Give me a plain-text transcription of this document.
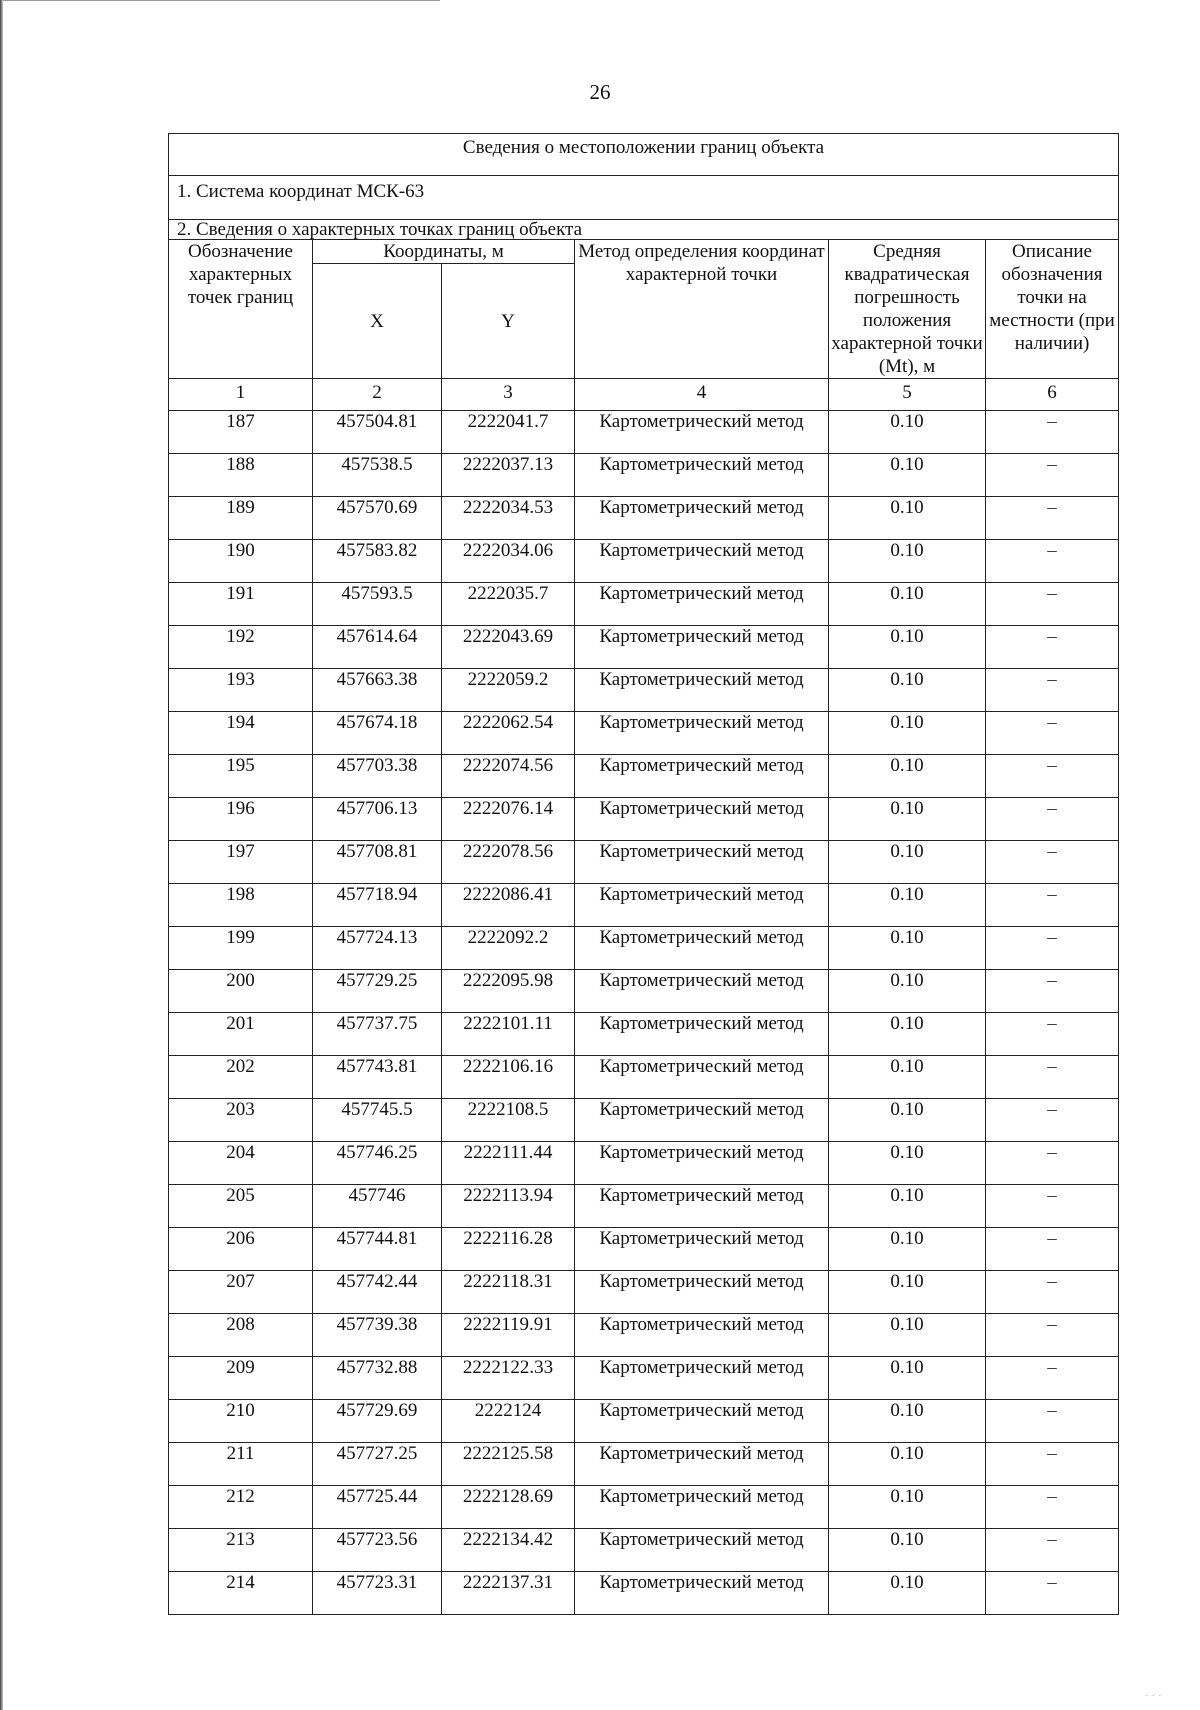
26
Сведения о местоположении границ объекта					
1. Система координат МСК-63					
2. Сведения о характерных точках границ объекта					
Обозначение характерных точек границ	Координаты, м		Метод определения координат характерной точки	Средняя квадратическая погрешность положения характерной точки (Mt), м	Описание обозначения точки на местности (при наличии)
	X	Y			
1	2	3	4	5	6
187	457504.81	2222041.7	Картометрический метод	0.10	–
188	457538.5	2222037.13	Картометрический метод	0.10	–
189	457570.69	2222034.53	Картометрический метод	0.10	–
190	457583.82	2222034.06	Картометрический метод	0.10	–
191	457593.5	2222035.7	Картометрический метод	0.10	–
192	457614.64	2222043.69	Картометрический метод	0.10	–
193	457663.38	2222059.2	Картометрический метод	0.10	–
194	457674.18	2222062.54	Картометрический метод	0.10	–
195	457703.38	2222074.56	Картометрический метод	0.10	–
196	457706.13	2222076.14	Картометрический метод	0.10	–
197	457708.81	2222078.56	Картометрический метод	0.10	–
198	457718.94	2222086.41	Картометрический метод	0.10	–
199	457724.13	2222092.2	Картометрический метод	0.10	–
200	457729.25	2222095.98	Картометрический метод	0.10	–
201	457737.75	2222101.11	Картометрический метод	0.10	–
202	457743.81	2222106.16	Картометрический метод	0.10	–
203	457745.5	2222108.5	Картометрический метод	0.10	–
204	457746.25	2222111.44	Картометрический метод	0.10	–
205	457746	2222113.94	Картометрический метод	0.10	–
206	457744.81	2222116.28	Картометрический метод	0.10	–
207	457742.44	2222118.31	Картометрический метод	0.10	–
208	457739.38	2222119.91	Картометрический метод	0.10	–
209	457732.88	2222122.33	Картометрический метод	0.10	–
210	457729.69	2222124	Картометрический метод	0.10	–
211	457727.25	2222125.58	Картометрический метод	0.10	–
212	457725.44	2222128.69	Картометрический метод	0.10	–
213	457723.56	2222134.42	Картометрический метод	0.10	–
214	457723.31	2222137.31	Картометрический метод	0.10	–
. . .
